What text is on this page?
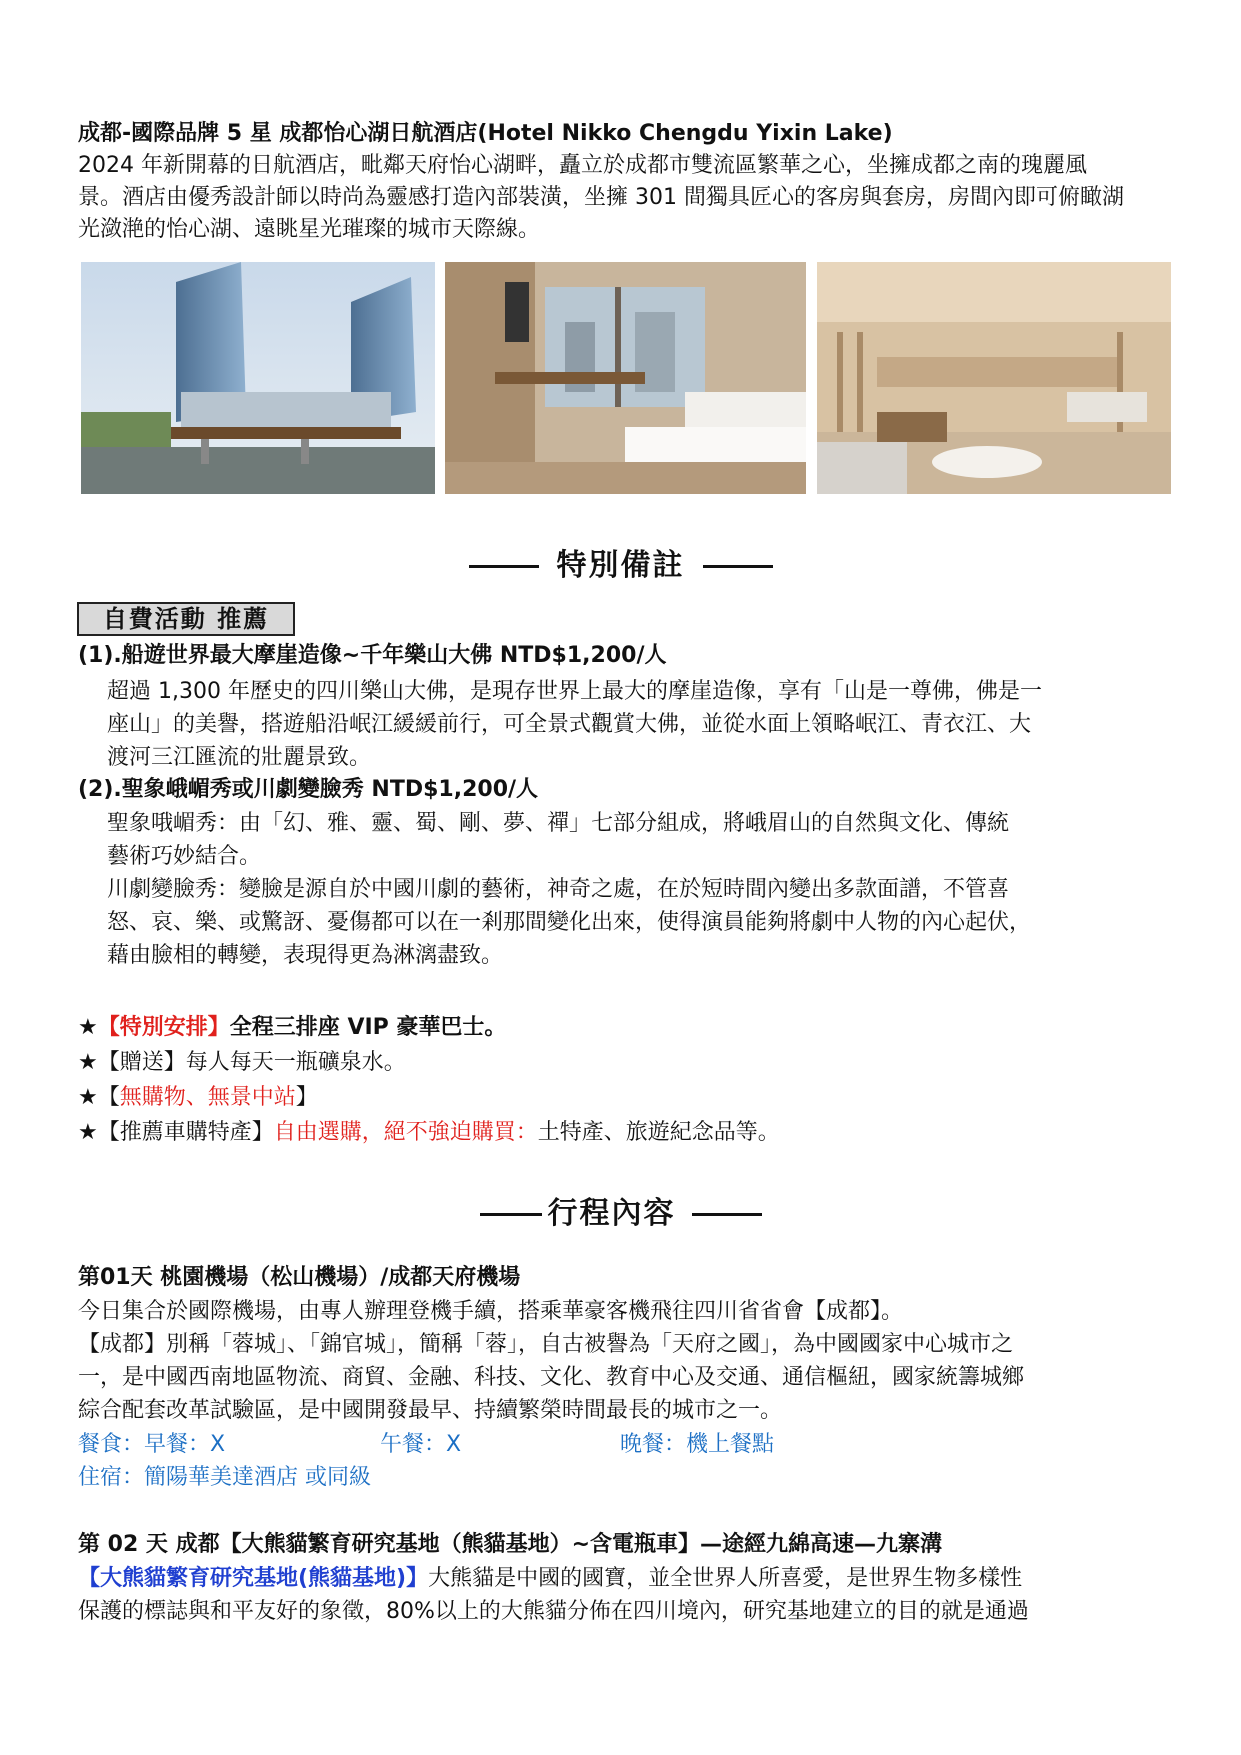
成都-國際品牌 5 星 成都怡心湖日航酒店(Hotel Nikko Chengdu Yixin Lake)
2024 年新開幕的日航酒店，毗鄰天府怡心湖畔，矗立於成都市雙流區繁華之心，坐擁成都之南的瑰麗風
景。酒店由優秀設計師以時尚為靈感打造內部裝潢，坐擁 301 間獨具匠心的客房與套房，房間內即可俯瞰湖
光潋滟的怡心湖、遠眺星光璀璨的城市天際線。
特別備註
自費活動 推薦
(1).船遊世界最大摩崖造像~千年樂山大佛 NTD$1,200/人
超過 1,300 年歷史的四川樂山大佛，是現存世界上最大的摩崖造像，享有「山是一尊佛，佛是一
座山」的美譽，搭遊船沿岷江緩緩前行，可全景式觀賞大佛，並從水面上領略岷江、青衣江、大
渡河三江匯流的壯麗景致。
(2).聖象峨嵋秀或川劇變臉秀 NTD$1,200/人
聖象哦嵋秀：由「幻、雅、靈、蜀、剛、夢、禪」七部分組成，將峨眉山的自然與文化、傳統
藝術巧妙結合。
川劇變臉秀：變臉是源自於中國川劇的藝術，神奇之處，在於短時間內變出多款面譜，不管喜
怒、哀、樂、或驚訝、憂傷都可以在一剎那間變化出來，使得演員能夠將劇中人物的內心起伏，
藉由臉相的轉變，表現得更為淋漓盡致。
★【特別安排】全程三排座 VIP 豪華巴士。
★【贈送】每人每天一瓶礦泉水。
★【無購物、無景中站】
★【推薦車購特產】自由選購，絕不強迫購買：土特產、旅遊紀念品等。
行程內容
第01天 桃園機場（松山機場）/成都天府機場
今日集合於國際機場，由專人辦理登機手續，搭乘華豪客機飛往四川省省會【成都】。
【成都】別稱「蓉城」、「錦官城」，簡稱「蓉」，自古被譽為「天府之國」，為中國國家中心城市之
一，是中國西南地區物流、商貿、金融、科技、文化、教育中心及交通、通信樞紐，國家統籌城鄉
綜合配套改革試驗區，是中國開發最早、持續繁榮時間最長的城市之一。
餐食：早餐：X	午餐：X	晚餐：機上餐點
住宿：簡陽華美達酒店 或同級
第 02 天 成都【大熊貓繁育研究基地（熊貓基地）~含電瓶車】—途經九綿高速—九寨溝
【大熊貓繁育研究基地(熊貓基地)】大熊貓是中國的國寶，並全世界人所喜愛，是世界生物多樣性
保護的標誌與和平友好的象徵，80%以上的大熊貓分佈在四川境內，研究基地建立的目的就是通過
